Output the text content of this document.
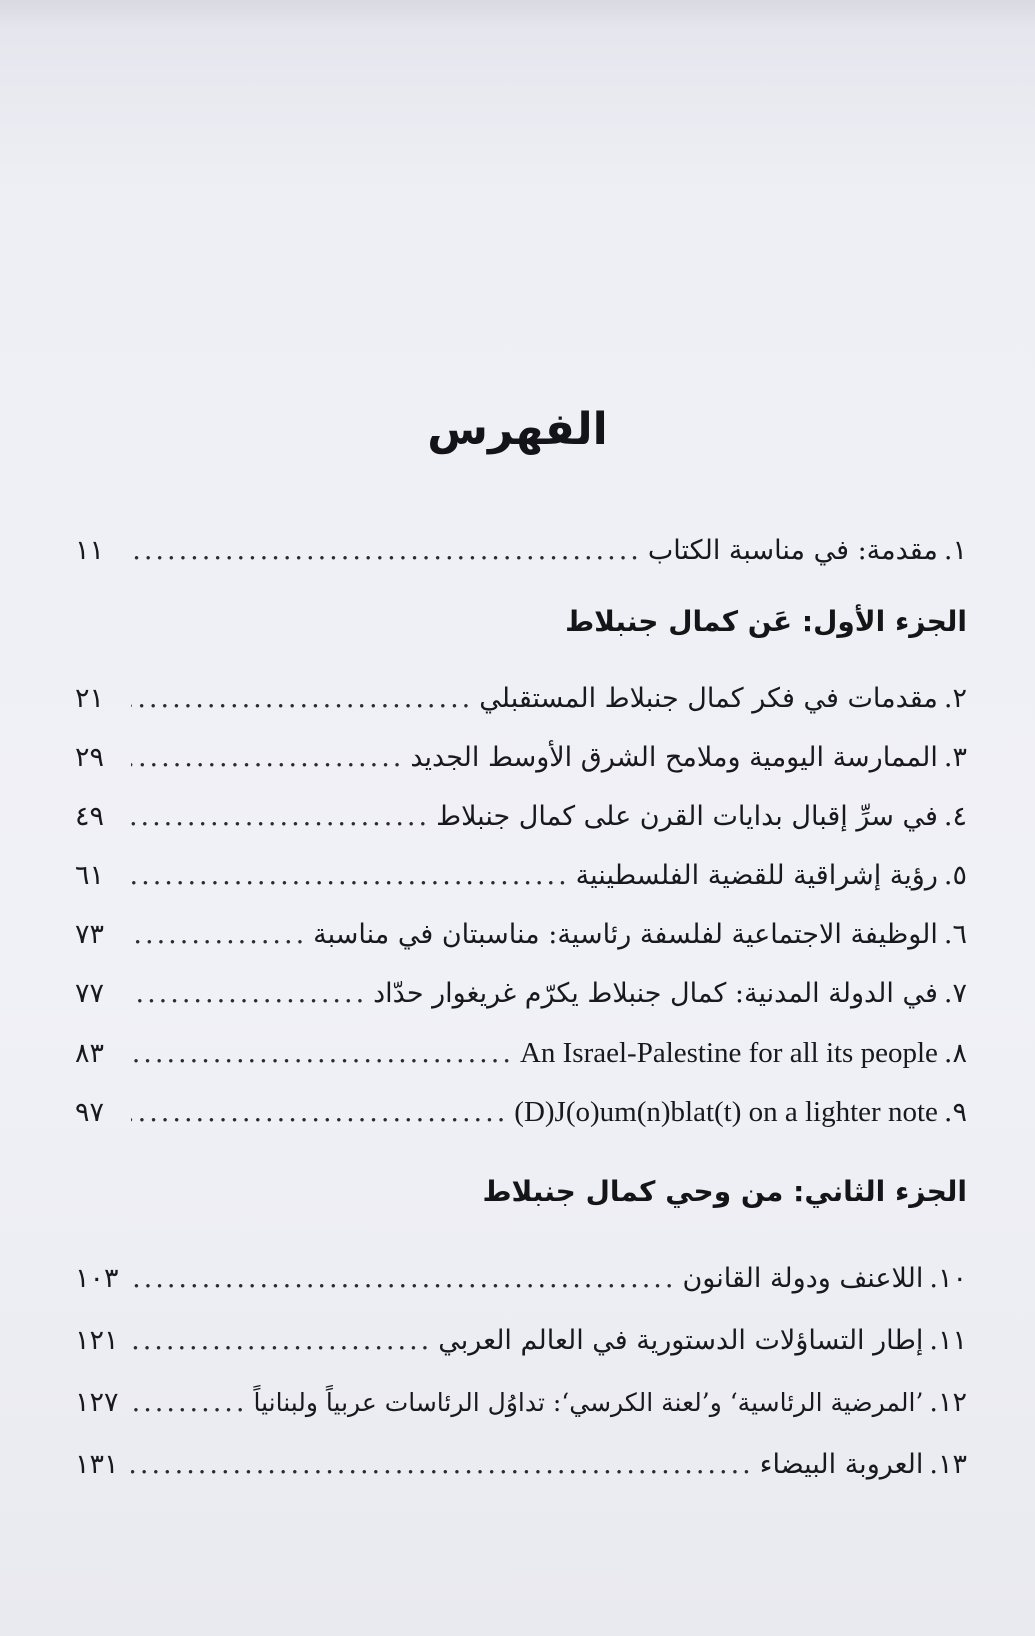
الفهرس
١.
مقدمة: في مناسبة الكتاب
.....
١١
الجزء الأول: عَن كمال جنبلاط
٢.
مقدمات في فكر كمال جنبلاط المستقبلي
.....
٢١
٣.
الممارسة اليومية وملامح الشرق الأوسط الجديد
.....
٢٩
٤.
في سرِّ إقبال بدايات القرن على كمال جنبلاط
.....
٤٩
٥.
رؤية إشراقية للقضية الفلسطينية
.....
٦١
٦.
الوظيفة الاجتماعية لفلسفة رئاسية: مناسبتان في مناسبة
.....
٧٣
٧.
في الدولة المدنية: كمال جنبلاط يكرّم غريغوار حدّاد
.....
٧٧
٨.
An Israel-Palestine for all its people
.....
٨٣
٩.
(D)J(o)um(n)blat(t) on a lighter note
.....
٩٧
الجزء الثاني: من وحي كمال جنبلاط
١٠.
اللاعنف ودولة القانون
.....
١٠٣
١١.
إطار التساؤلات الدستورية في العالم العربي
.....
١٢١
١٢.
’المرضية الرئاسية‘ و’لعنة الكرسي‘: تداوُل الرئاسات عربياً ولبنانياً
.....
١٢٧
١٣.
العروبة البيضاء
.....
١٣١
